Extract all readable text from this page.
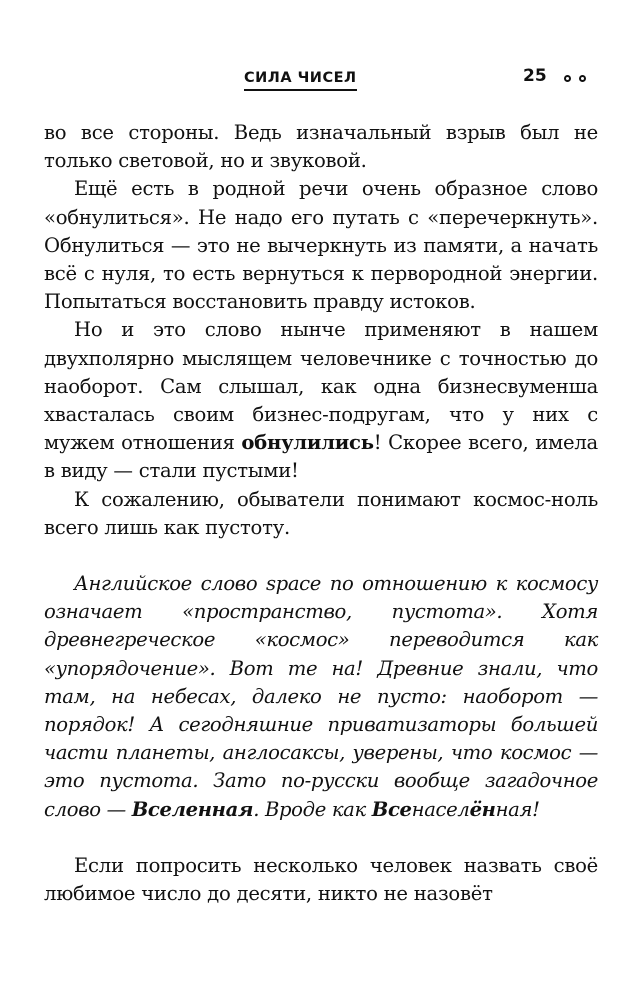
СИЛА ЧИСЕЛ	25

во все стороны. Ведь изначальный взрыв был не только световой, но и звуковой.

Ещё есть в родной речи очень образное слово «обнулиться». Не надо его путать с «перечеркнуть». Обнулиться — это не вычеркнуть из памяти, а начать всё с нуля, то есть вернуться к первородной энергии. Попытаться восстановить правду истоков.

Но и это слово нынче применяют в нашем двухполярно мыслящем человечнике с точностью до наоборот. Сам слышал, как одна бизнесвуменша хвасталась своим бизнес-подругам, что у них с мужем отношения обнулились! Скорее всего, имела в виду — стали пустыми!

К сожалению, обыватели понимают космос-ноль всего лишь как пустоту.

Английское слово space по отношению к космосу означает «пространство, пустота». Хотя древнегреческое «космос» переводится как «упорядочение». Вот те на! Древние знали, что там, на небесах, далеко не пусто: наоборот — порядок! А сегодняшние приватизаторы большей части планеты, англосаксы, уверены, что космос — это пустота. Зато по-русски вообще загадочное слово — Вселенная. Вроде как Всенаселённая!

Если попросить несколько человек назвать своё любимое число до десяти, никто не назовёт
